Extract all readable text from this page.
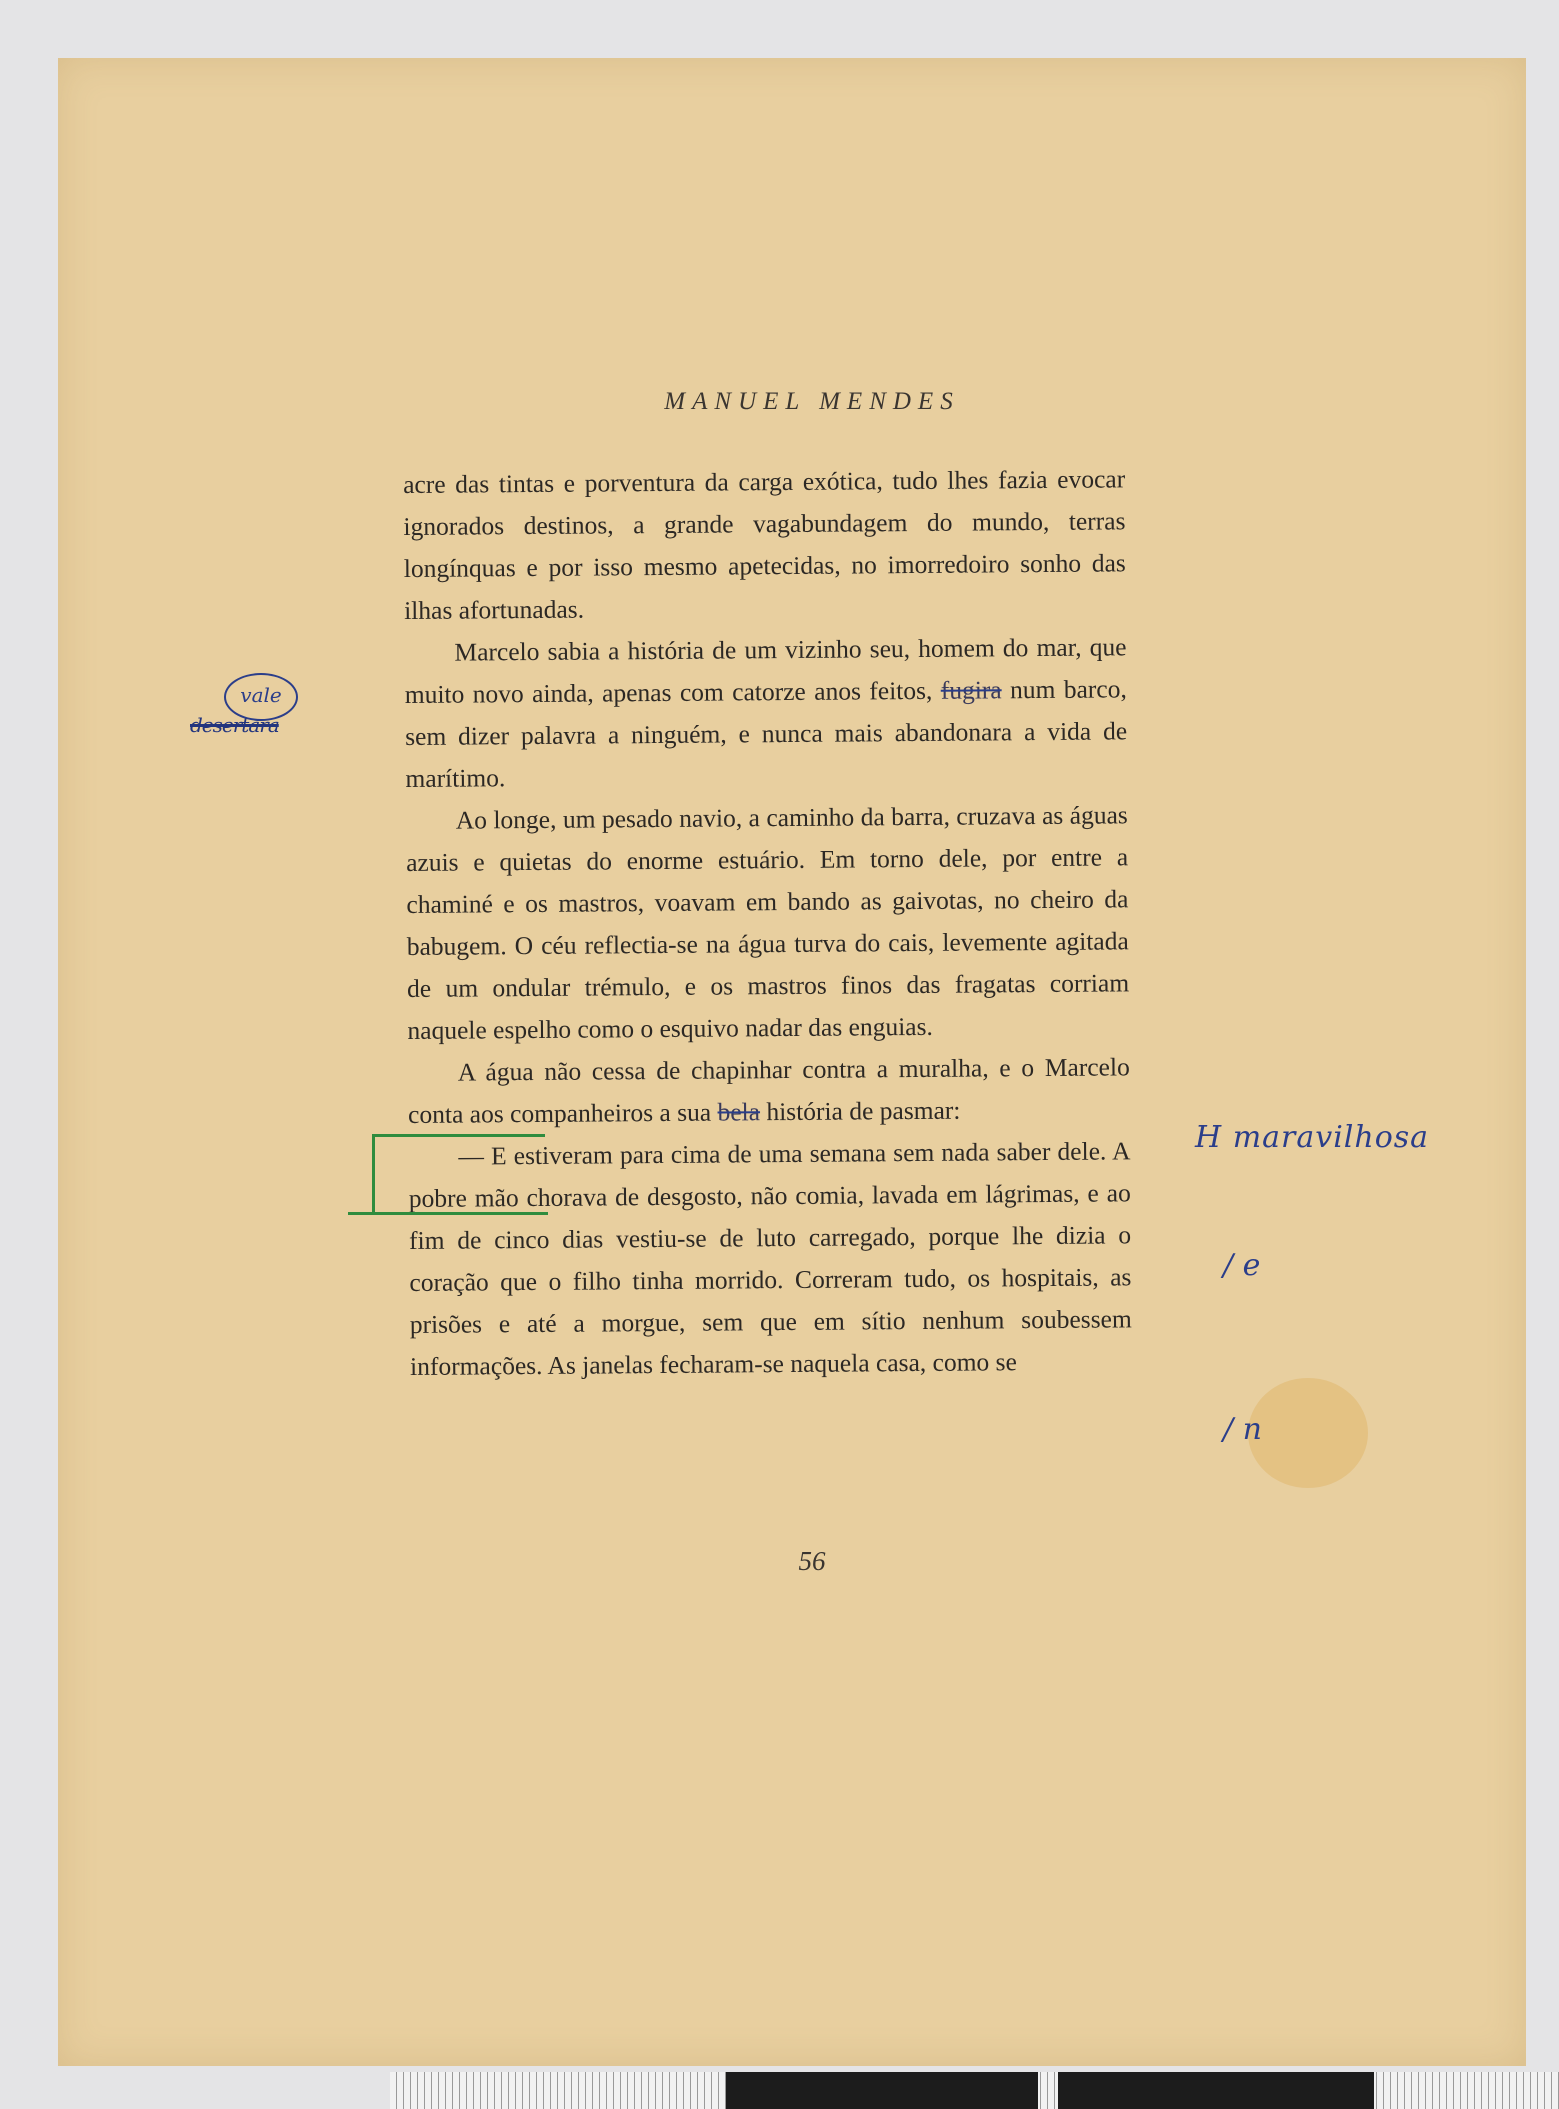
MANUEL MENDES

acre das tintas e porventura da carga exótica, tudo lhes fazia evocar ignorados destinos, a grande vagabundagem do mundo, terras longínquas e por isso mesmo apetecidas, no imorredoiro sonho das ilhas afortunadas.

Marcelo sabia a história de um vizinho seu, homem do mar, que muito novo ainda, apenas com catorze anos feitos, fugira num barco, sem dizer palavra a ninguém, e nunca mais abandonara a vida de marítimo.

Ao longe, um pesado navio, a caminho da barra, cruzava as águas azuis e quietas do enorme estuário. Em torno dele, por entre a chaminé e os mastros, voavam em bando as gaivotas, no cheiro da babugem. O céu reflectia-se na água turva do cais, levemente agitada de um ondular trémulo, e os mastros finos das fragatas corriam naquele espelho como o esquivo nadar das enguias.

A água não cessa de chapinhar contra a muralha, e o Marcelo conta aos companheiros a sua bela história de pasmar:

— E estiveram para cima de uma semana sem nada saber dele. A pobre mão chorava de desgosto, não comia, lavada em lágrimas, e ao fim de cinco dias vestiu-se de luto carregado, porque lhe dizia o coração que o filho tinha morrido. Correram tudo, os hospitais, as prisões e até a morgue, sem que em sítio nenhum soubessem informações. As janelas fecharam-se naquela casa, como se

vale
desertara
H maravilhosa
/ e
/ n
56
